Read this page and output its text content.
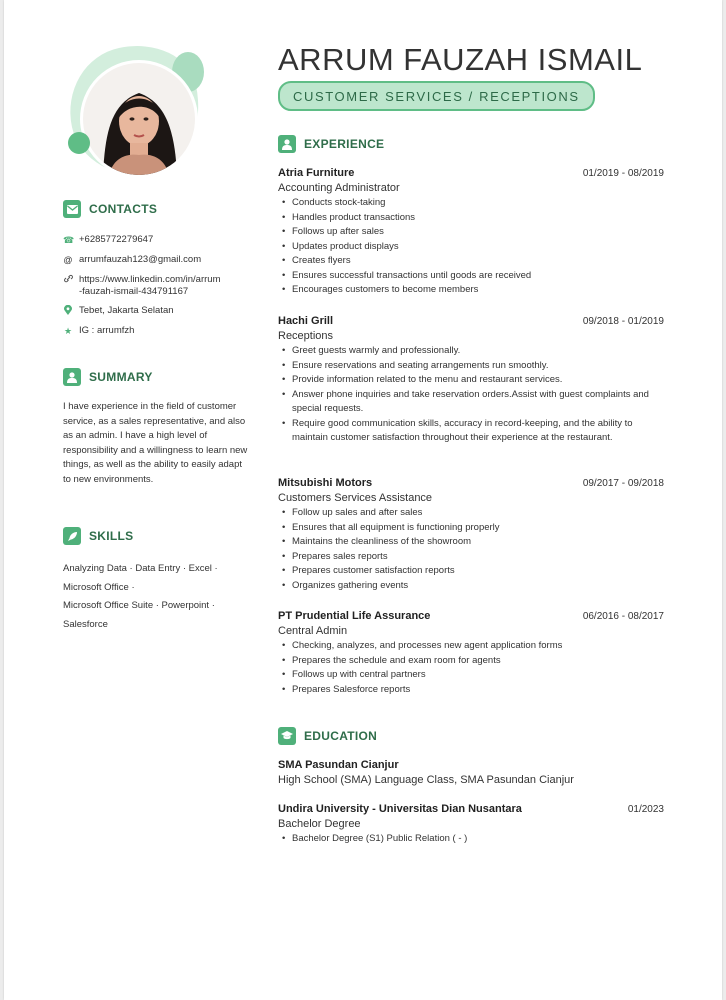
CONTACTS
☎ +6285772279647
@ arrumfauzah123@gmail.com
https://www.linkedin.com/in/arrum
-fauzah-ismail-434791167
Tebet, Jakarta Selatan
★ IG : arrumfzh
SUMMARY
I have experience in the field of customer service, as a sales representative, and also as an admin. I have a high level of responsibility and a willingness to learn new things, as well as the ability to easily adapt to new environments.
SKILLS
Analyzing Data · Data Entry · Excel ·
Microsoft Office ·
Microsoft Office Suite · Powerpoint ·
Salesforce
ARRUM FAUZAH ISMAIL
CUSTOMER SERVICES / RECEPTIONS
EXPERIENCE
Atria Furniture	01/2019 - 08/2019
Accounting Administrator
• Conducts stock-taking
• Handles product transactions
• Follows up after sales
• Updates product displays
• Creates flyers
• Ensures successful transactions until goods are received
• Encourages customers to become members
Hachi Grill	09/2018 - 01/2019
Receptions
• Greet guests warmly and professionally.
• Ensure reservations and seating arrangements run smoothly.
• Provide information related to the menu and restaurant services.
• Answer phone inquiries and take reservation orders.Assist with guest complaints and special requests.
• Require good communication skills, accuracy in record-keeping, and the ability to maintain customer satisfaction throughout their experience at the restaurant.
Mitsubishi Motors	09/2017 - 09/2018
Customers Services Assistance
• Follow up sales and after sales
• Ensures that all equipment is functioning properly
• Maintains the cleanliness of the showroom
• Prepares sales reports
• Prepares customer satisfaction reports
• Organizes gathering events
PT Prudential Life Assurance	06/2016 - 08/2017
Central Admin
• Checking, analyzes, and processes new agent application forms
• Prepares the schedule and exam room for agents
• Follows up with central partners
• Prepares Salesforce reports
EDUCATION
SMA Pasundan Cianjur
High School (SMA) Language Class, SMA Pasundan Cianjur
Undira University - Universitas Dian Nusantara	01/2023
Bachelor Degree
• Bachelor Degree (S1) Public Relation ( - )
